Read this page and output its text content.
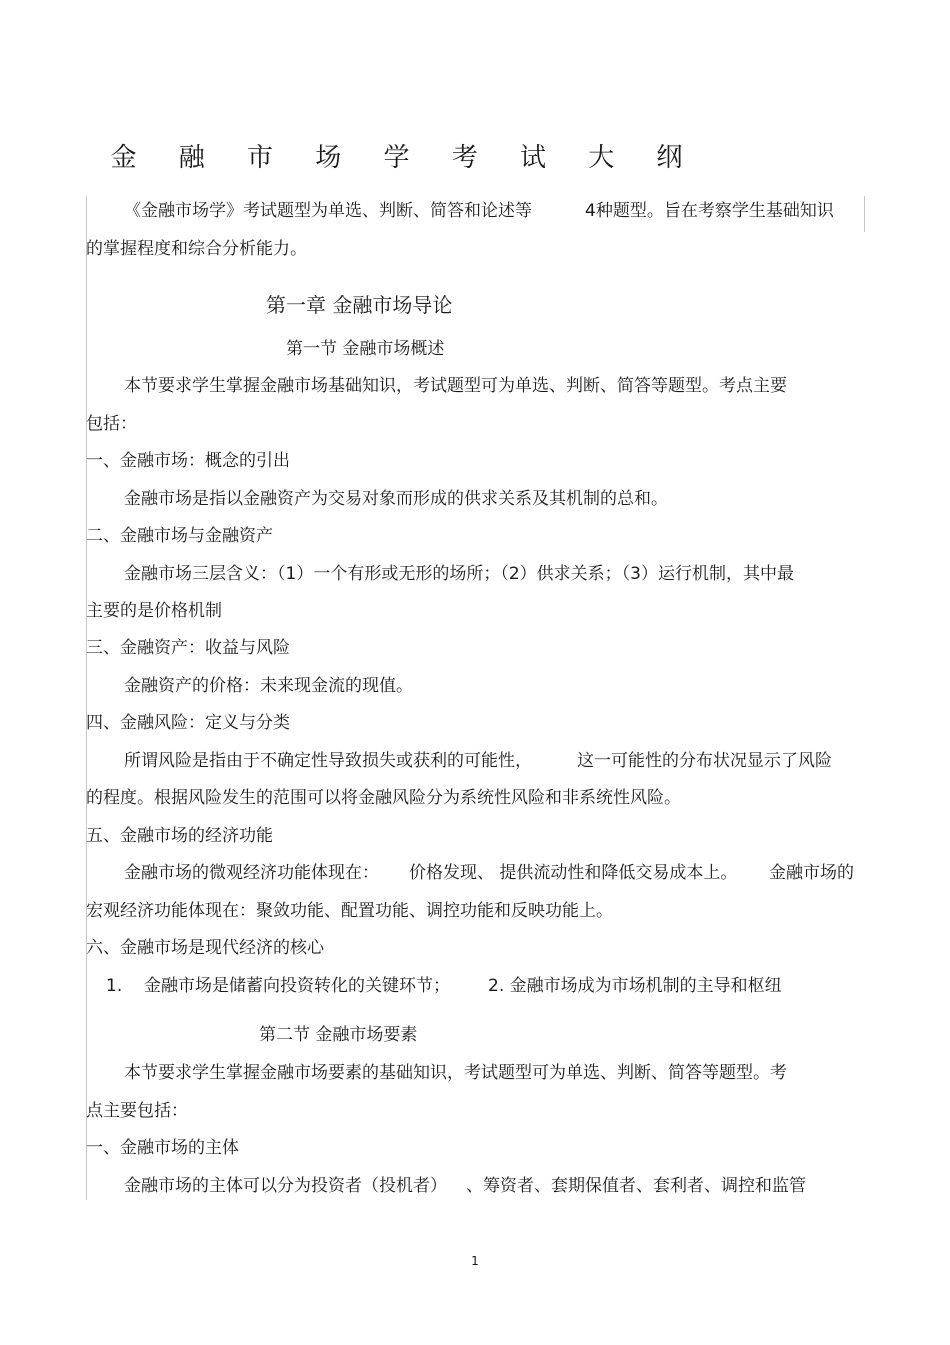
金 融 市 场 学 考 试 大 纲
《金融市场学》考试题型为单选、判断、简答和论述等	4种题型。旨在考察学生基础知识
的掌握程度和综合分析能力。
第一章 金融市场导论
第一节 金融市场概述
本节要求学生掌握金融市场基础知识，考试题型可为单选、判断、简答等题型。考点主要
包括：
一、金融市场：概念的引出
金融市场是指以金融资产为交易对象而形成的供求关系及其机制的总和。
二、金融市场与金融资产
金融市场三层含义：（1）一个有形或无形的场所；（2）供求关系；（3）运行机制，其中最
主要的是价格机制
三、金融资产：收益与风险
金融资产的价格：未来现金流的现值。
四、金融风险：定义与分类
所谓风险是指由于不确定性导致损失或获利的可能性，	这一可能性的分布状况显示了风险
的程度。根据风险发生的范围可以将金融风险分为系统性风险和非系统性风险。
五、金融市场的经济功能
金融市场的微观经济功能体现在： 价格发现、 提供流动性和降低交易成本上。 金融市场的
宏观经济功能体现在：聚敛功能、配置功能、调控功能和反映功能上。
六、金融市场是现代经济的核心
1. 金融市场是储蓄向投资转化的关键环节； 2. 金融市场成为市场机制的主导和枢纽
第二节 金融市场要素
本节要求学生掌握金融市场要素的基础知识，考试题型可为单选、判断、简答等题型。考
点主要包括：
一、金融市场的主体
金融市场的主体可以分为投资者（投机者） 、筹资者、套期保值者、套利者、调控和监管
1
